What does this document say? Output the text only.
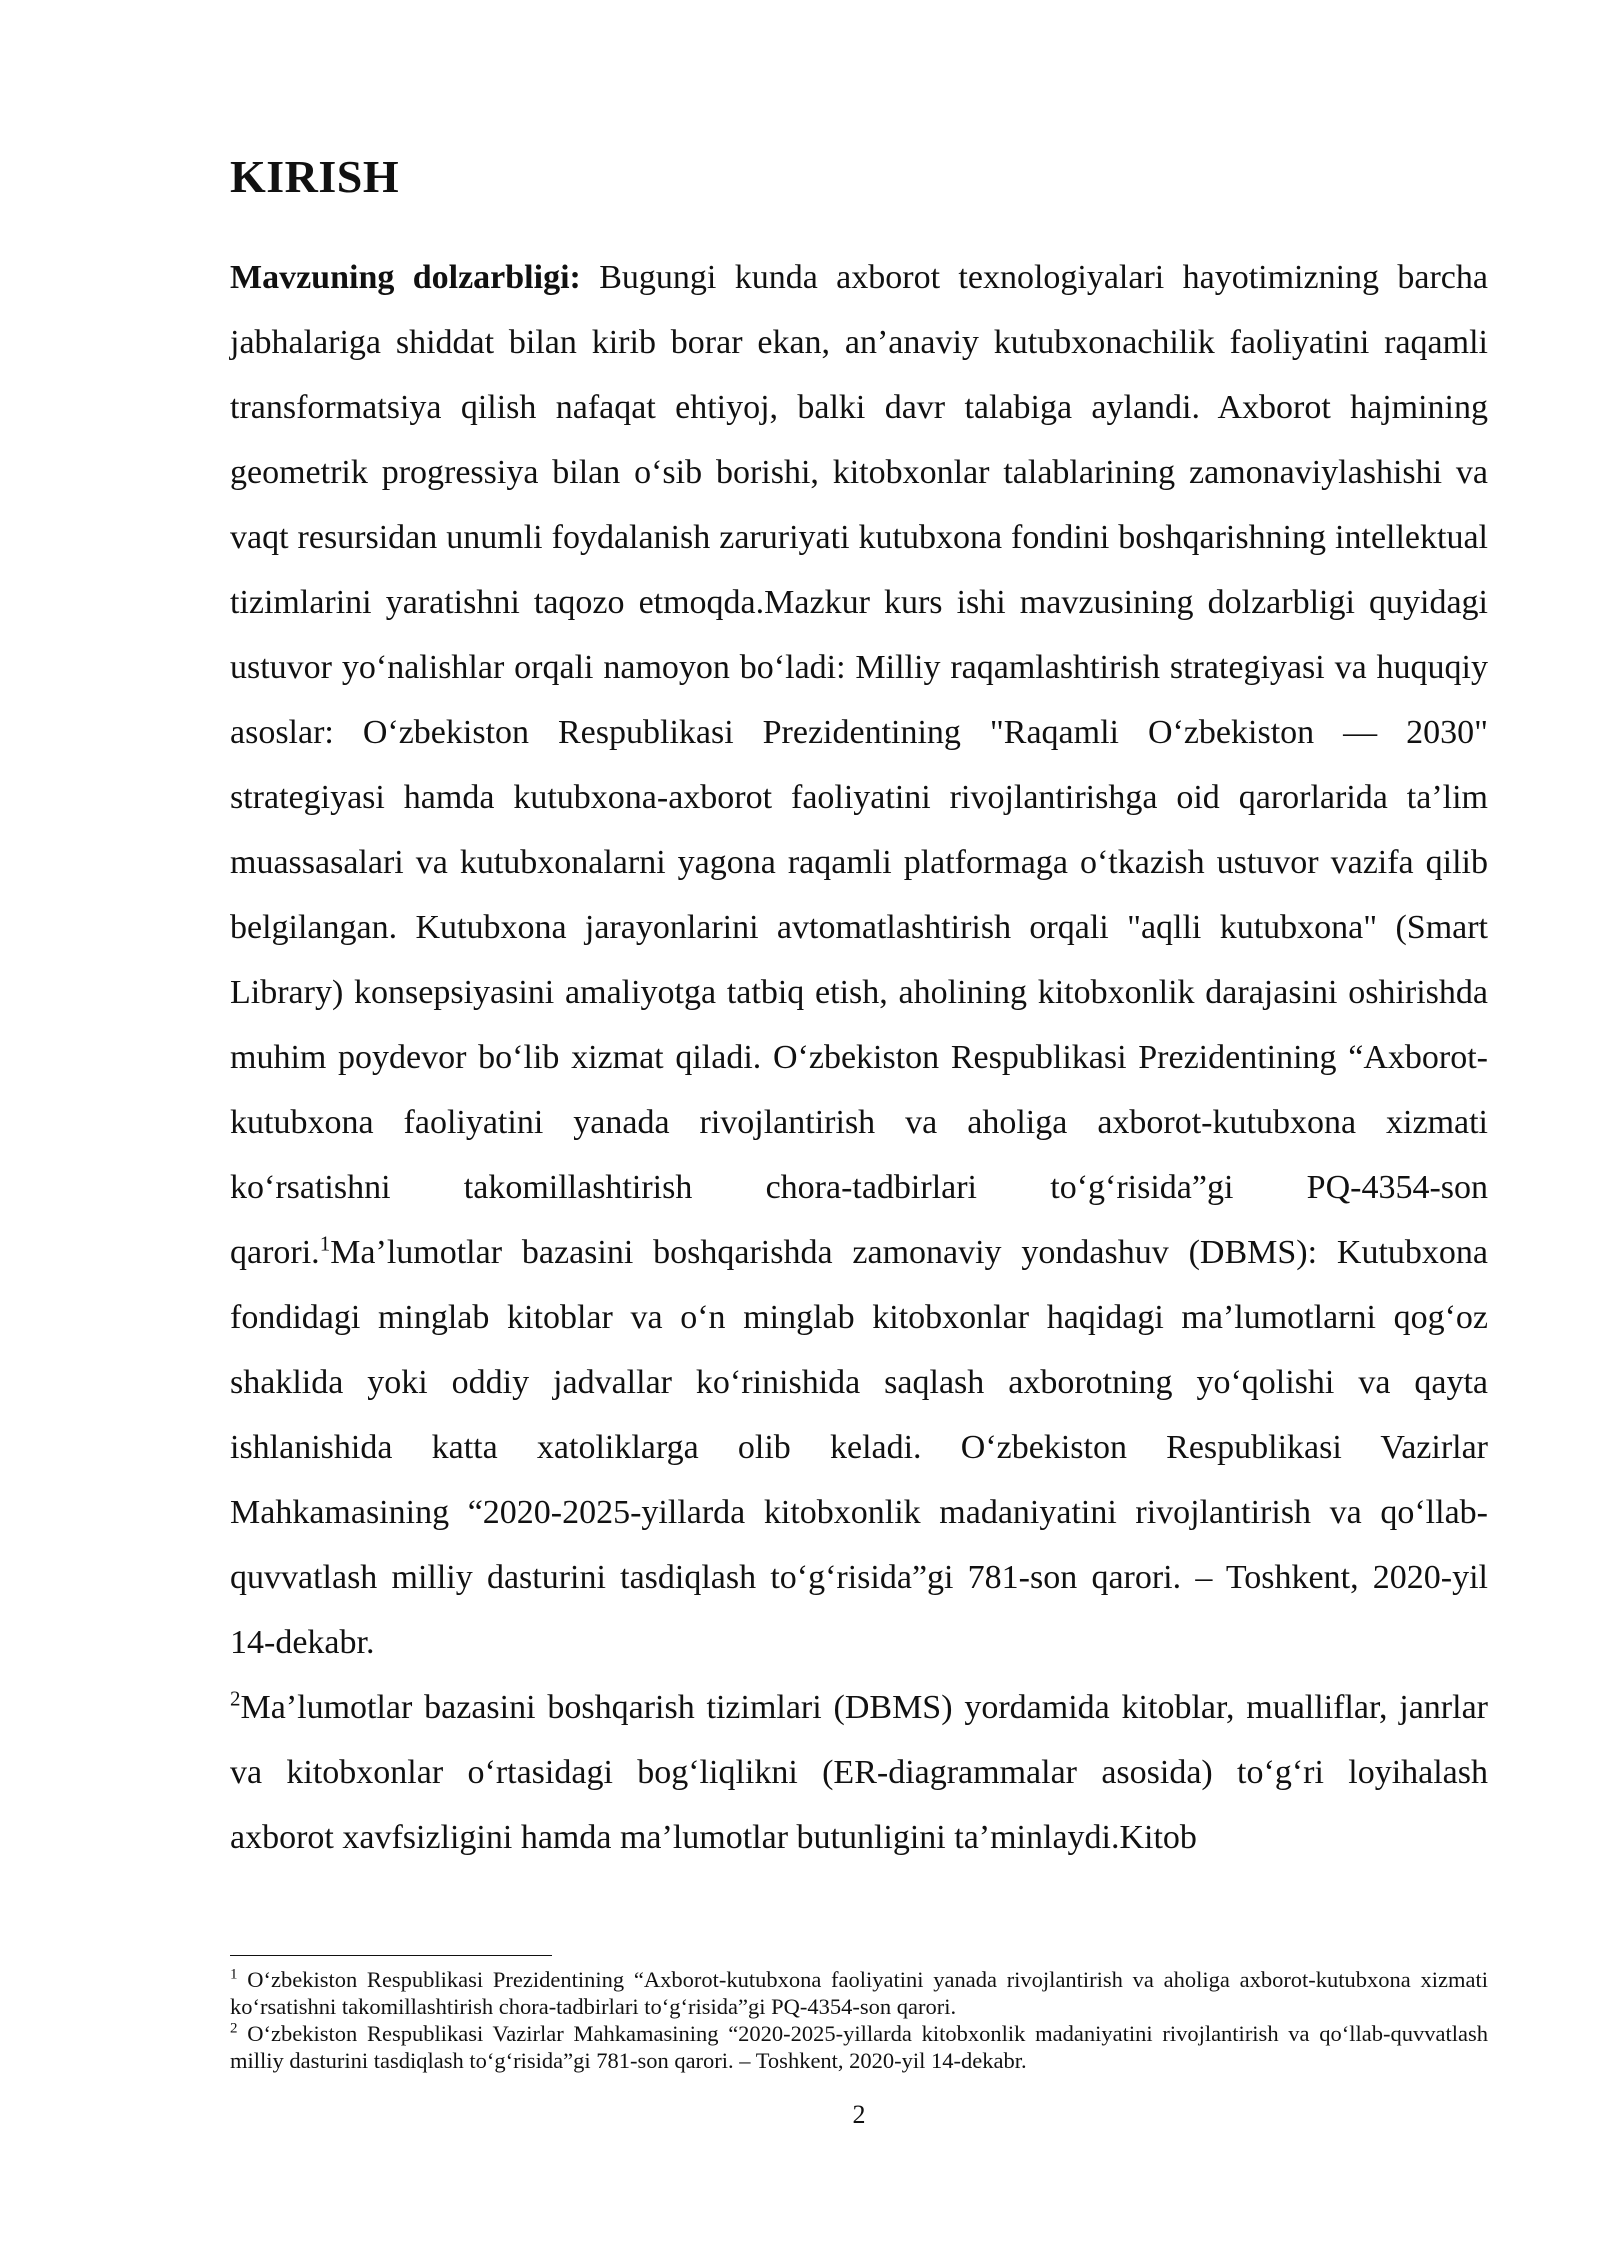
KIRISH

Mavzuning dolzarbligi: Bugungi kunda axborot texnologiyalari hayotimizning barcha jabhalariga shiddat bilan kirib borar ekan, an’anaviy kutubxonachilik faoliyatini raqamli transformatsiya qilish nafaqat ehtiyoj, balki davr talabiga aylandi. Axborot hajmining geometrik progressiya bilan o‘sib borishi, kitobxonlar talablarining zamonaviylashishi va vaqt resursidan unumli foydalanish zaruriyati kutubxona fondini boshqarishning intellektual tizimlarini yaratishni taqozo etmoqda.Mazkur kurs ishi mavzusining dolzarbligi quyidagi ustuvor yo‘nalishlar orqali namoyon bo‘ladi: Milliy raqamlashtirish strategiyasi va huquqiy asoslar: O‘zbekiston Respublikasi Prezidentining "Raqamli O‘zbekiston — 2030" strategiyasi hamda kutubxona-axborot faoliyatini rivojlantirishga oid qarorlarida ta’lim muassasalari va kutubxonalarni yagona raqamli platformaga o‘tkazish ustuvor vazifa qilib belgilangan. Kutubxona jarayonlarini avtomatlashtirish orqali "aqlli kutubxona" (Smart Library) konsepsiyasini amaliyotga tatbiq etish, aholining kitobxonlik darajasini oshirishda muhim poydevor bo‘lib xizmat qiladi. O‘zbekiston Respublikasi Prezidentining “Axborot-kutubxona faoliyatini yanada rivojlantirish va aholiga axborot-kutubxona xizmati ko‘rsatishni takomillashtirish chora-tadbirlari to‘g‘risida”gi PQ-4354-son qarori.$^1$Ma’lumotlar bazasini boshqarishda zamonaviy yondashuv (DBMS): Kutubxona fondidagi minglab kitoblar va o‘n minglab kitobxonlar haqidagi ma’lumotlarni qog‘oz shaklida yoki oddiy jadvallar ko‘rinishida saqlash axborotning yo‘qolishi va qayta ishlanishida katta xatoliklarga olib keladi. O‘zbekiston Respublikasi Vazirlar Mahkamasining “2020-2025-yillarda kitobxonlik madaniyatini rivojlantirish va qo‘llab-quvvatlash milliy dasturini tasdiqlash to‘g‘risida”gi 781-son qarori. – Toshkent, 2020-yil 14-dekabr.
$^2$Ma’lumotlar bazasini boshqarish tizimlari (DBMS) yordamida kitoblar, mualliflar, janrlar va kitobxonlar o‘rtasidagi bog‘liqlikni (ER-diagrammalar asosida) to‘g‘ri loyihalash axborot xavfsizligini hamda ma’lumotlar butunligini ta’minlaydi.Kitob

$^1$ O‘zbekiston Respublikasi Prezidentining “Axborot-kutubxona faoliyatini yanada rivojlantirish va aholiga axborot-kutubxona xizmati ko‘rsatishni takomillashtirish chora-tadbirlari to‘g‘risida”gi PQ-4354-son qarori.

$^2$ O‘zbekiston Respublikasi Vazirlar Mahkamasining “2020-2025-yillarda kitobxonlik madaniyatini rivojlantirish va qo‘llab-quvvatlash milliy dasturini tasdiqlash to‘g‘risida”gi 781-son qarori. – Toshkent, 2020-yil 14-dekabr.

2
